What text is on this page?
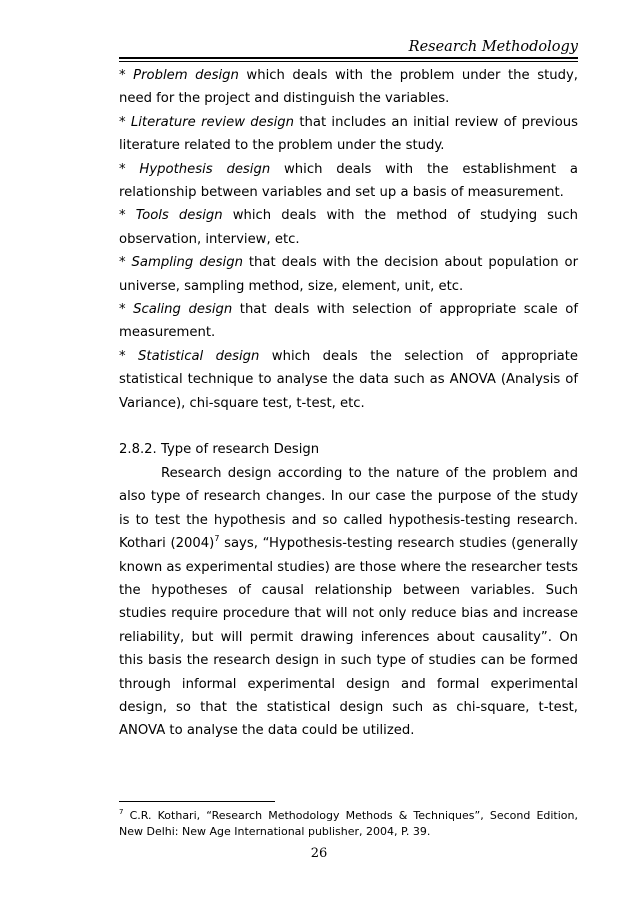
Research Methodology

* Problem design which deals with the problem under the study, need for the project and distinguish the variables.

* Literature review design that includes an initial review of previous literature related to the problem under the study.

* Hypothesis design which deals with the establishment a relationship between variables and set up a basis of measurement.

* Tools design which deals with the method of studying such observation, interview, etc.

* Sampling design that deals with the decision about population or universe, sampling method, size, element, unit, etc.

* Scaling design that deals with selection of appropriate scale of measurement.

* Statistical design which deals the selection of appropriate statistical technique to analyse the data such as ANOVA (Analysis of Variance), chi-square test, t-test, etc.

2.8.2. Type of research Design

Research design according to the nature of the problem and also type of research changes. In our case the purpose of the study is to test the hypothesis and so called hypothesis-testing research. Kothari $(2004)^7$ says, “Hypothesis-testing research studies (generally known as experimental studies) are those where the researcher tests the hypotheses of causal relationship between variables. Such studies require procedure that will not only reduce bias and increase reliability, but will permit drawing inferences about causality”. On this basis the research design in such type of studies can be formed through informal experimental design and formal experimental design, so that the statistical design such as chi-square, t-test, ANOVA to analyse the data could be utilized.

$^7$ C.R. Kothari, “Research Methodology Methods & Techniques”, Second Edition, New Delhi: New Age International publisher, 2004, P. 39.

26
